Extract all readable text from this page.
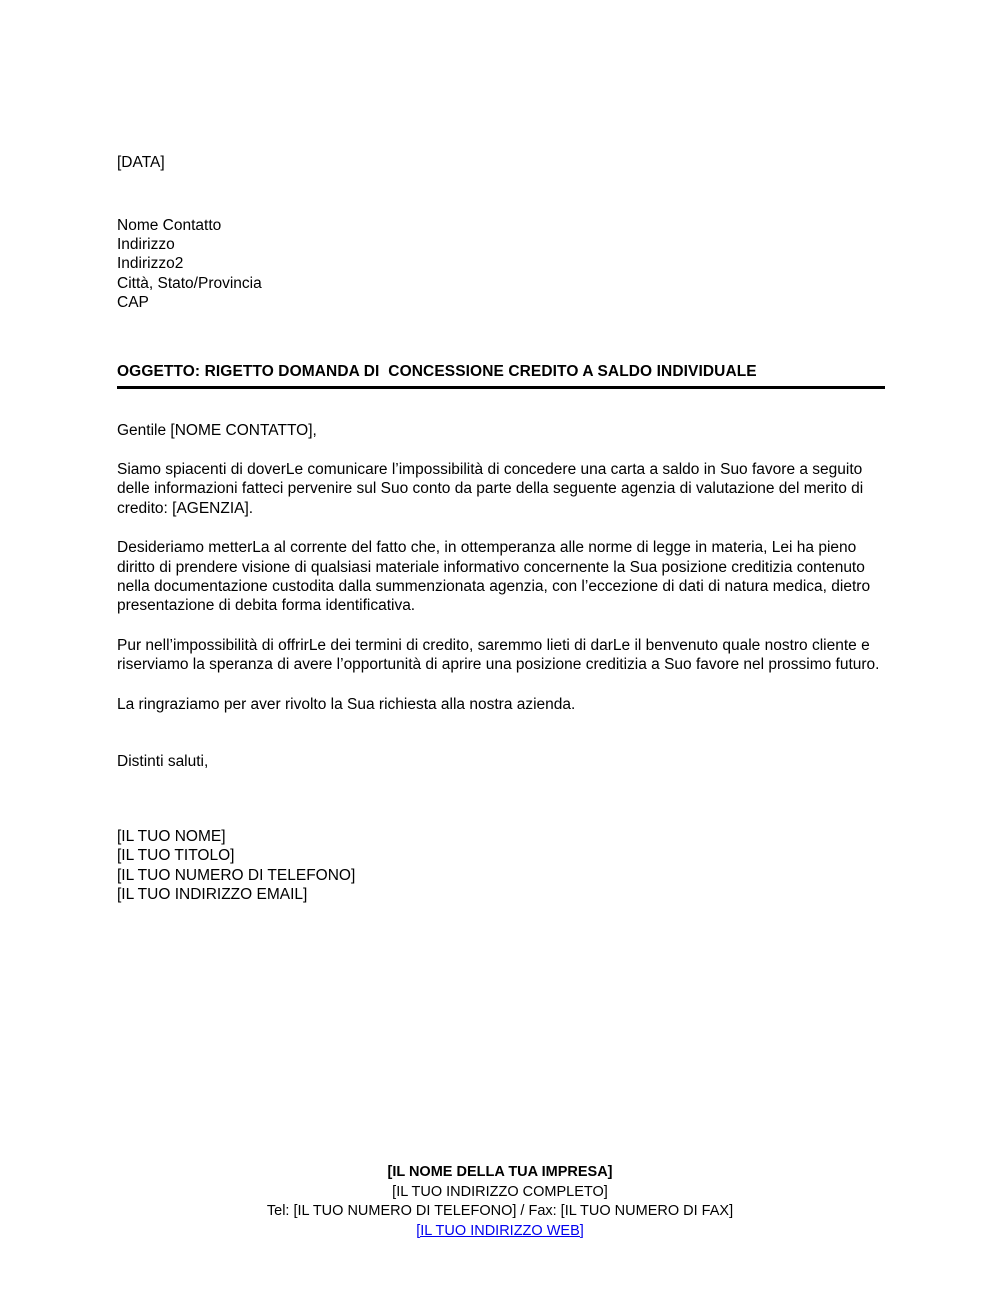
[DATA]
Nome Contatto
Indirizzo
Indirizzo2
Città, Stato/Provincia
CAP
OGGETTO: RIGETTO DOMANDA DI  CONCESSIONE CREDITO A SALDO INDIVIDUALE
Gentile [NOME CONTATTO],
Siamo spiacenti di doverLe comunicare l’impossibilità di concedere una carta a saldo in Suo favore a seguito delle informazioni fatteci pervenire sul Suo conto da parte della seguente agenzia di valutazione del merito di credito: [AGENZIA].
Desideriamo metterLa al corrente del fatto che, in ottemperanza alle norme di legge in materia, Lei ha pieno diritto di prendere visione di qualsiasi materiale informativo concernente la Sua posizione creditizia contenuto nella documentazione custodita dalla summenzionata agenzia, con l’eccezione di dati di natura medica, dietro presentazione di debita forma identificativa.
Pur nell’impossibilità di offrirLe dei termini di credito, saremmo lieti di darLe il benvenuto quale nostro cliente e riserviamo la speranza di avere l’opportunità di aprire una posizione creditizia a Suo favore nel prossimo futuro.
La ringraziamo per aver rivolto la Sua richiesta alla nostra azienda.
Distinti saluti,
[IL TUO NOME]
[IL TUO TITOLO]
[IL TUO NUMERO DI TELEFONO]
[IL TUO INDIRIZZO EMAIL]
[IL NOME DELLA TUA IMPRESA]
[IL TUO INDIRIZZO COMPLETO]
Tel: [IL TUO NUMERO DI TELEFONO] / Fax: [IL TUO NUMERO DI FAX]
[IL TUO INDIRIZZO WEB]
